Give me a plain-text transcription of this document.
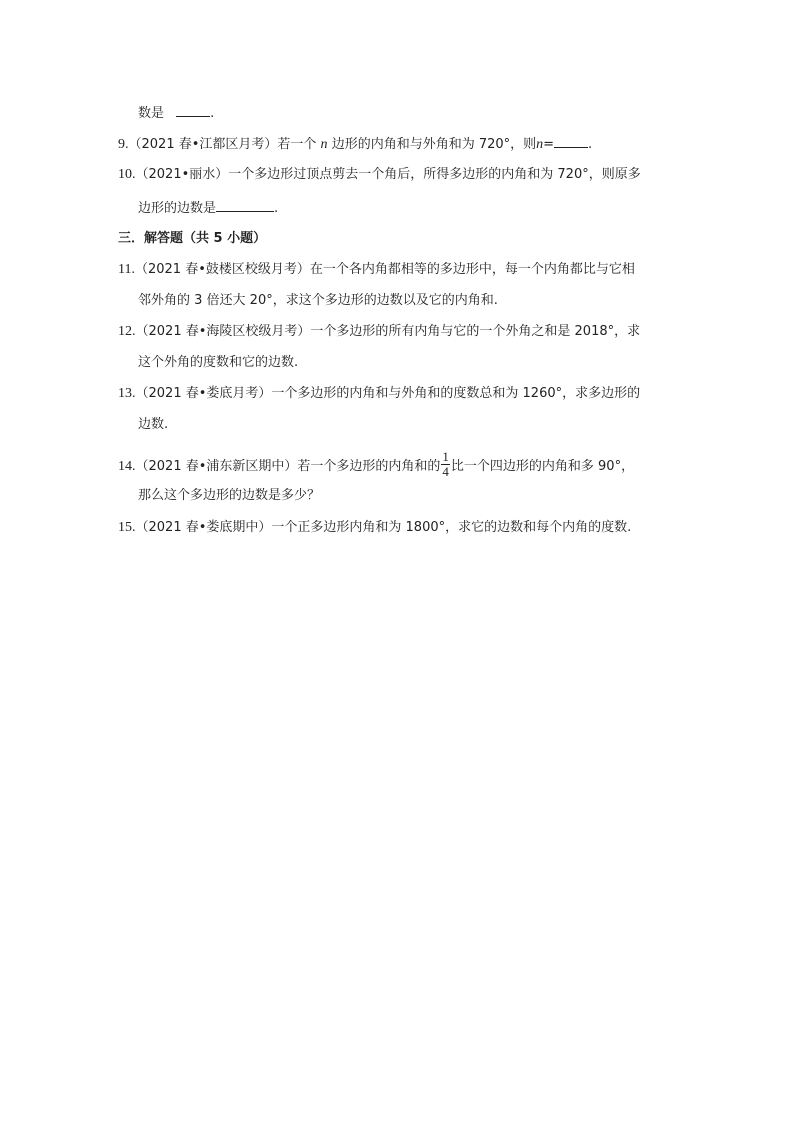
数是	.
9.（2021 春•江都区月考）若一个 n 边形的内角和与外角和为 720°，则n=	.
10.（2021•丽水）一个多边形过顶点剪去一个角后，所得多边形的内角和为 720°，则原多
边形的边数是	.
三．解答题（共 5 小题）
11.（2021 春•鼓楼区校级月考）在一个各内角都相等的多边形中，每一个内角都比与它相
邻外角的 3 倍还大 20°，求这个多边形的边数以及它的内角和.
12.（2021 春•海陵区校级月考）一个多边形的所有内角与它的一个外角之和是 2018°，求
这个外角的度数和它的边数.
13.（2021 春•娄底月考）一个多边形的内角和与外角和的度数总和为 1260°，求多边形的
边数.
14.（2021 春•浦东新区期中）若一个多边形的内角和的 $\frac{1}{4}$ 比一个四边形的内角和多 90°，
那么这个多边形的边数是多少？
15.（2021 春•娄底期中）一个正多边形内角和为 1800°，求它的边数和每个内角的度数.
